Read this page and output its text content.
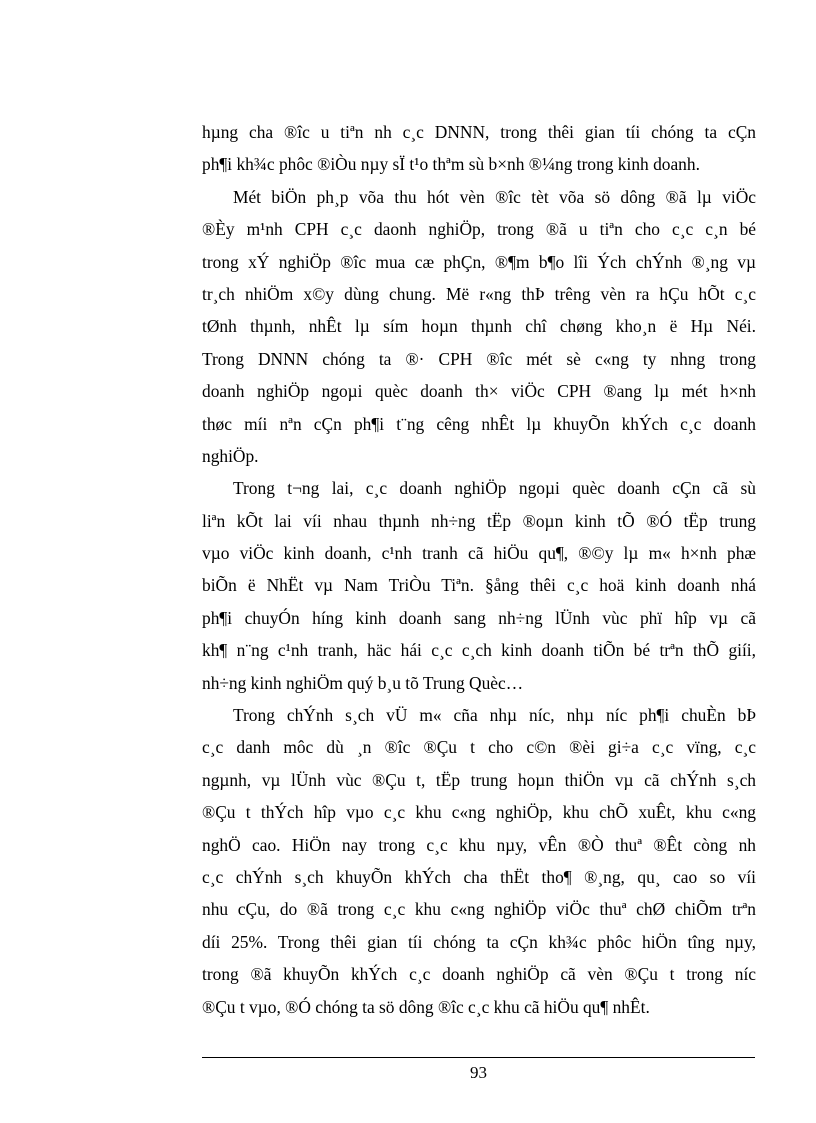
hµng cha ®îc u tiªn nh c¸c DNNN, trong thêi gian tíi chóng ta cÇn
ph¶i kh¾c phôc ®iÒu nµy sÏ t¹o thªm sù b×nh ®¼ng trong kinh doanh.
Mét biÖn ph¸p võa thu hót vèn ®îc tèt võa sö dông ®ã lµ viÖc
®Èy m¹nh CPH c¸c daonh nghiÖp, trong ®ã u tiªn cho c¸c c¸n bé
trong xÝ nghiÖp ®îc mua cæ phÇn, ®¶m b¶o lîi Ých chÝnh ®¸ng vµ
tr¸ch nhiÖm x©y dùng chung. Më r«ng thÞ trêng vèn ra hÇu hÕt c¸c
tØnh thµnh, nhÊt lµ sím hoµn thµnh chî chøng kho¸n ë Hµ Néi.
Trong DNNN chóng ta ®· CPH ®îc mét sè c«ng ty nhng trong
doanh nghiÖp ngoµi quèc doanh th× viÖc CPH ®ang lµ mét h×nh
thøc míi nªn cÇn ph¶i t¨ng cêng nhÊt lµ khuyÕn khÝch c¸c doanh
nghiÖp.
Trong t¬ng lai, c¸c doanh nghiÖp ngoµi quèc doanh cÇn cã sù
liªn kÕt lai víi nhau thµnh nh÷ng tËp ®oµn kinh tÕ ®Ó tËp trung
vµo viÖc kinh doanh, c¹nh tranh cã hiÖu qu¶, ®©y lµ m« h×nh phæ
biÕn ë NhËt vµ Nam TriÒu Tiªn. §ång thêi c¸c hoä kinh doanh nhá
ph¶i chuyÓn híng kinh doanh sang nh÷ng lÜnh vùc phï hîp vµ cã
kh¶ n¨ng c¹nh tranh, häc hái c¸c c¸ch kinh doanh tiÕn bé trªn thÕ giíi,
nh÷ng kinh nghiÖm quý b¸u tõ Trung Quèc…
Trong chÝnh s¸ch vÜ m« cña nhµ níc, nhµ níc ph¶i chuÈn bÞ
c¸c danh môc dù ¸n ®îc ®Çu t cho c©n ®èi gi÷a c¸c vïng, c¸c
ngµnh, vµ lÜnh vùc ®Çu t, tËp trung hoµn thiÖn vµ cã chÝnh s¸ch
®Çu t thÝch hîp vµo c¸c khu c«ng nghiÖp, khu chÕ xuÊt, khu c«ng
nghÖ cao. HiÖn nay trong c¸c khu nµy, vÊn ®Ò thuª ®Êt còng nh
c¸c chÝnh s¸ch khuyÕn khÝch cha thËt tho¶ ®¸ng, qu¸ cao so víi
nhu cÇu, do ®ã trong c¸c khu c«ng nghiÖp viÖc thuª chØ chiÕm trªn
díi 25%. Trong thêi gian tíi chóng ta cÇn kh¾c phôc hiÖn tîng nµy,
trong ®ã khuyÕn khÝch c¸c doanh nghiÖp cã vèn ®Çu t trong níc
®Çu t vµo, ®Ó chóng ta sö dông ®îc c¸c khu cã hiÖu qu¶ nhÊt.
93
